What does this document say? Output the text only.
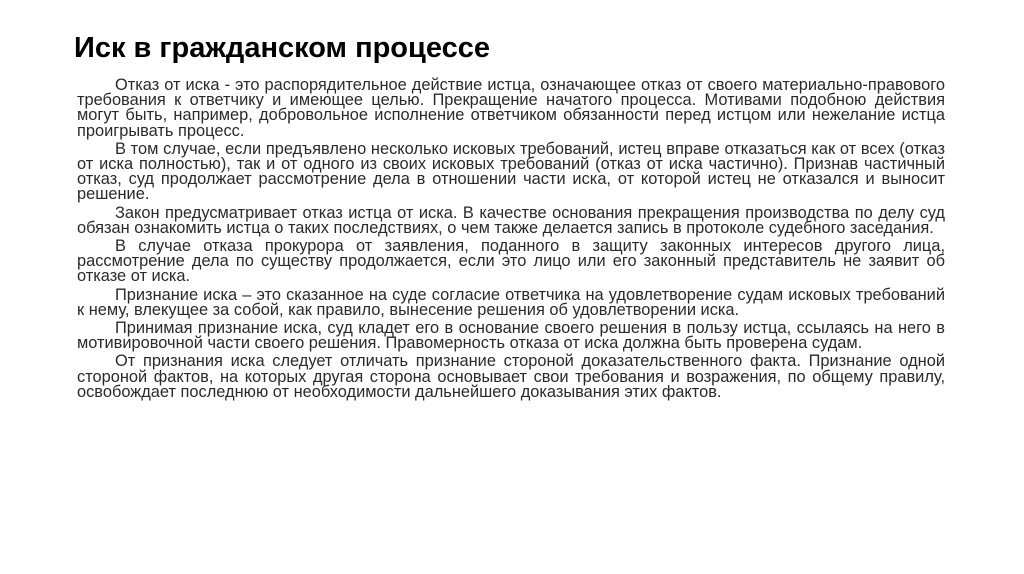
Иск в гражданском процессе

Отказ от иска - это распорядительное действие истца, означающее отказ от своего материально-правового требования к ответчику и имеющее целью. Прекращение начатого процесса. Мотивами подобною действия могут быть, например, добровольное исполнение ответчиком обязанности перед истцом или нежелание истца проигрывать процесс.

В том случае, если предъявлено несколько исковых требований, истец вправе отказаться как от всех (отказ от иска полностью), так и от одного из своих исковых требований (отказ от иска частично). Признав частичный отказ, суд продолжает рассмотрение дела в отношении части иска, от которой истец не отказался и выносит решение.

Закон предусматривает отказ истца от иска. В качестве основания прекращения производства по делу суд обязан ознакомить истца о таких последствиях, о чем также делается запись в протоколе судебного заседания.

В случае отказа прокурора от заявления, поданного в защиту законных интересов другого лица, рассмотрение дела по существу продолжается, если это лицо или его законный представитель не заявит об отказе от иска.

Признание иска – это сказанное на суде согласие ответчика на удовлетворение судам исковых требований к нему, влекущее за собой, как правило, вынесение решения об удовлетворении иска.

Принимая признание иска, суд кладет его в основание своего решения в пользу истца, ссылаясь на него в мотивировочной части своего решения. Правомерность отказа от иска должна быть проверена судам.

От признания иска следует отличать признание стороной доказательственного факта. Признание одной стороной фактов, на которых другая сторона основывает свои требования и возражения, по общему правилу, освобождает последнюю от необходимости дальнейшего доказывания этих фактов.
